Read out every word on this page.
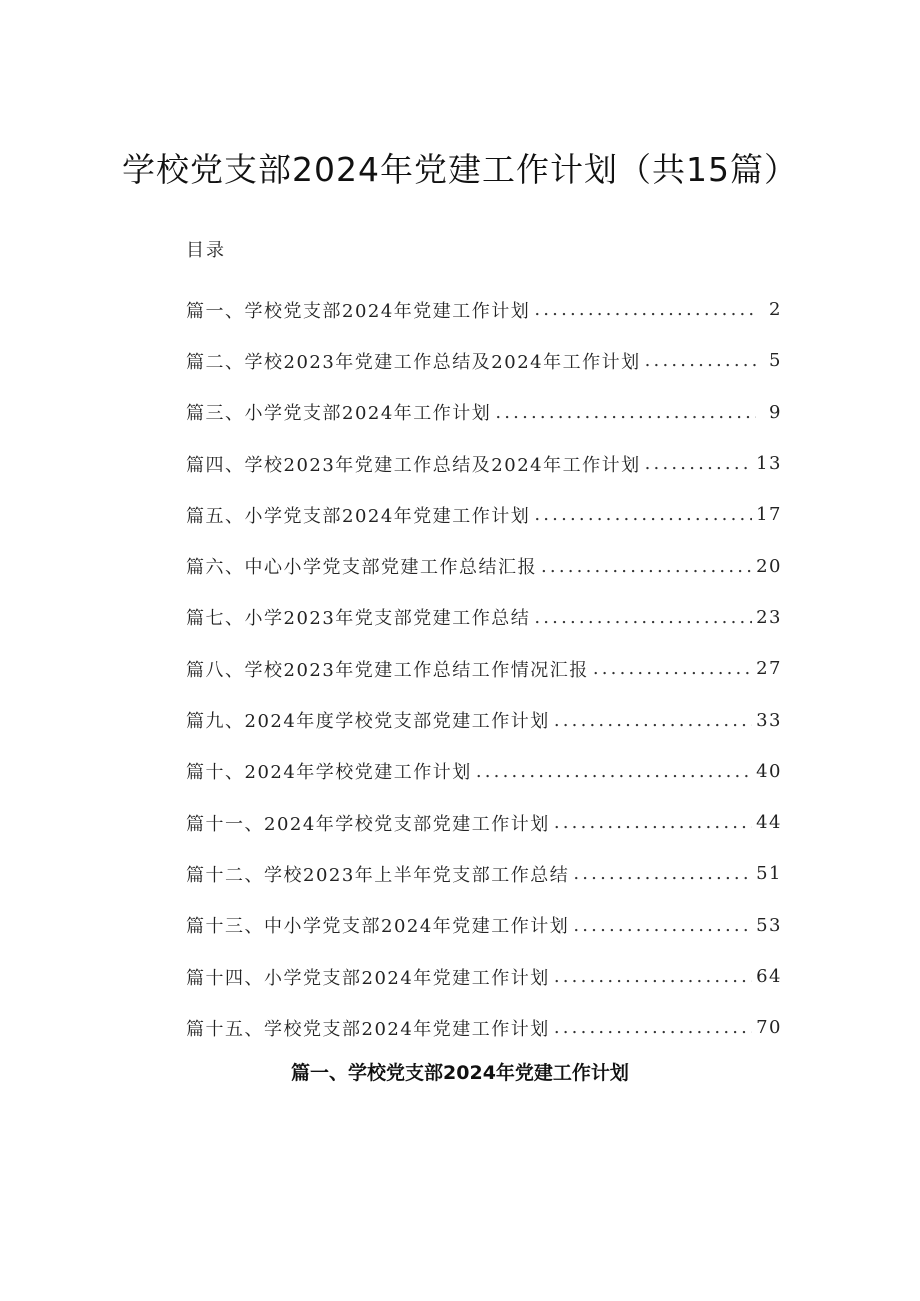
学校党支部2024年党建工作计划（共15篇）
目录
篇一、学校党支部2024年党建工作计划 .....	2
篇二、学校2023年党建工作总结及2024年工作计划 .....	5
篇三、小学党支部2024年工作计划 .....	9
篇四、学校2023年党建工作总结及2024年工作计划 .....	13
篇五、小学党支部2024年党建工作计划 .....	17
篇六、中心小学党支部党建工作总结汇报 .....	20
篇七、小学2023年党支部党建工作总结 .....	23
篇八、学校2023年党建工作总结工作情况汇报 .....	27
篇九、2024年度学校党支部党建工作计划 .....	33
篇十、2024年学校党建工作计划 .....	40
篇十一、2024年学校党支部党建工作计划 .....	44
篇十二、学校2023年上半年党支部工作总结 .....	51
篇十三、中小学党支部2024年党建工作计划 .....	53
篇十四、小学党支部2024年党建工作计划 .....	64
篇十五、学校党支部2024年党建工作计划 .....	70
篇一、学校党支部2024年党建工作计划
